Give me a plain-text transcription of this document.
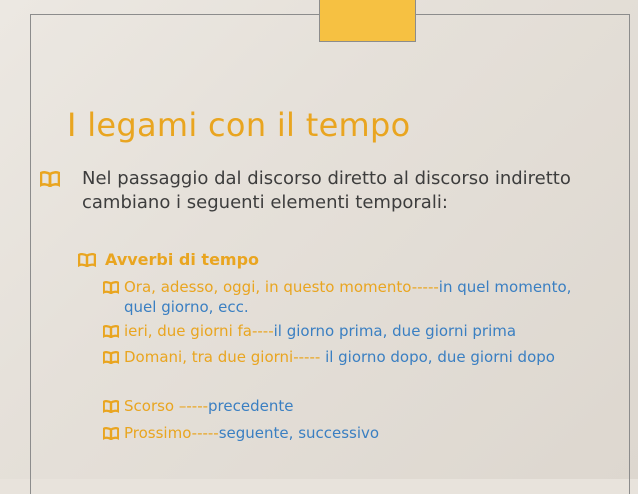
I legami con il tempo
Nel passaggio dal discorso diretto al discorso indiretto cambiano i seguenti elementi temporali:
Avverbi di tempo
Ora, adesso, oggi, in questo momento-----in quel momento, quel giorno, ecc.
ieri, due giorni fa----il giorno prima, due giorni prima
Domani, tra due giorni----- il giorno dopo, due giorni dopo
Scorso –----precedente
Prossimo-----seguente, successivo
